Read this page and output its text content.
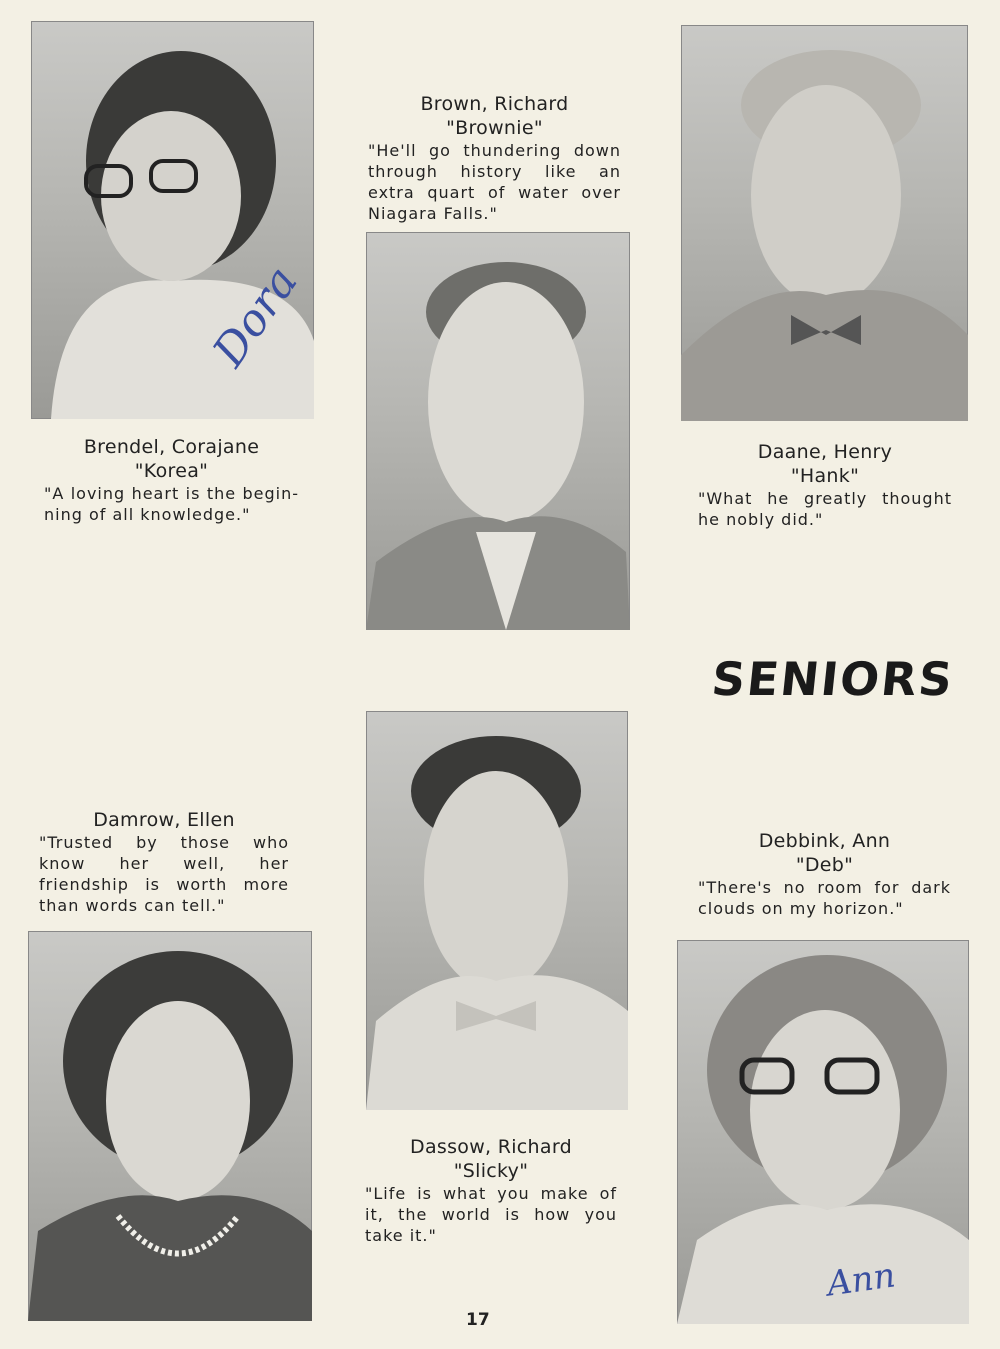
Dora
Brendel, Corajane
"Korea"
"A loving heart is the begin-ning of all knowledge."
Brown, Richard
"Brownie"
"He'll go thundering down through history like an extra quart of water over Niagara Falls."
Daane, Henry
"Hank"
"What he greatly thought he nobly did."
SENIORS
Damrow, Ellen
"Trusted by those who know her well, her friendship is worth more than words can tell."
Dassow, Richard
"Slicky"
"Life is what you make of it, the world is how you take it."
Debbink, Ann
"Deb"
"There's no room for dark clouds on my horizon."
Ann
17
